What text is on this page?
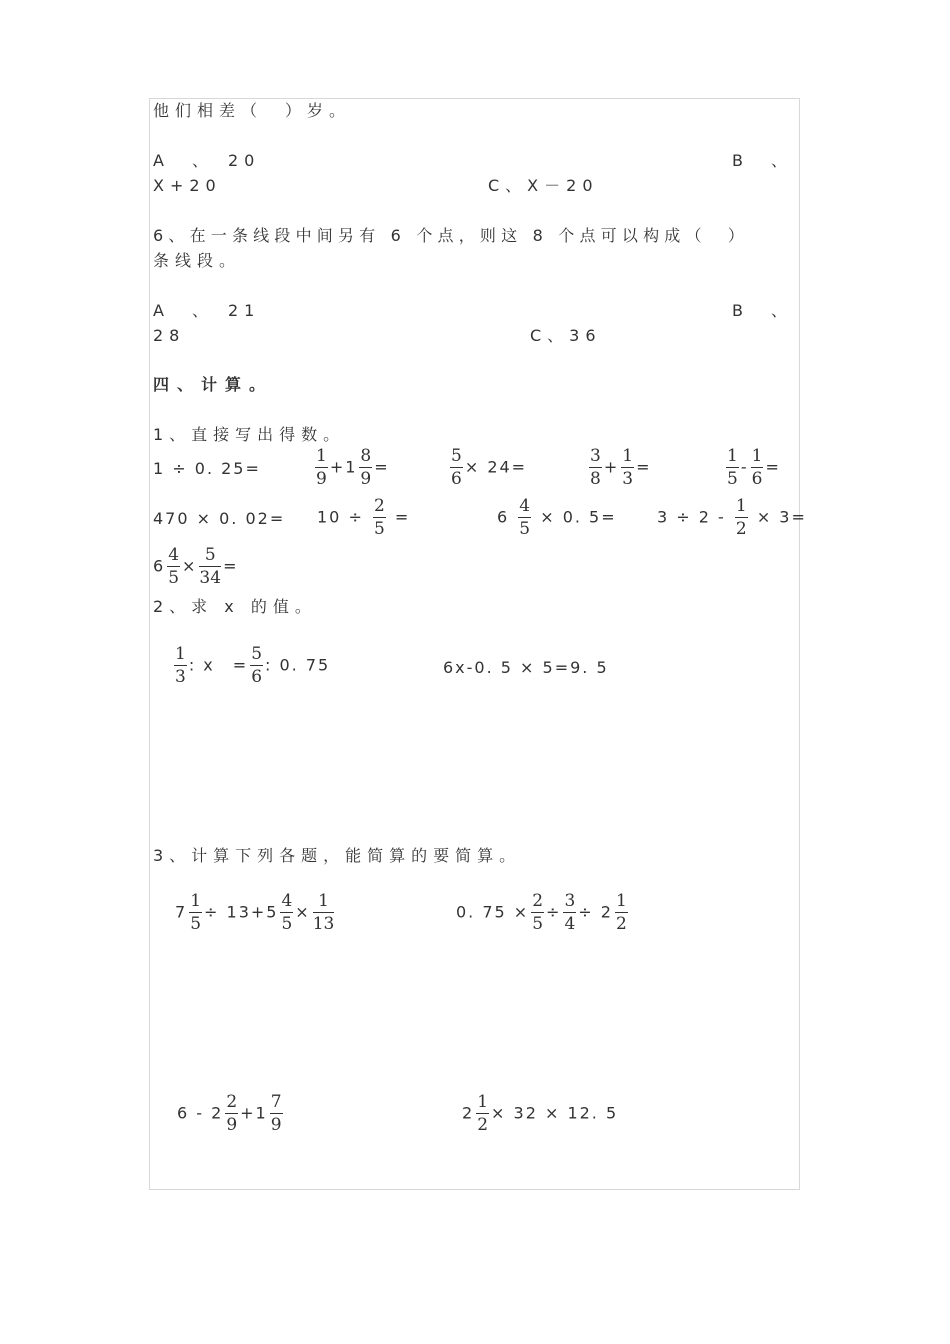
他们相差（　）岁。
A　、　20	B　、
X+20	C、X－20
6、在一条线段中间另有 6 个点，则这 8 个点可以构成（　）
条线段。
A　、　21	B　、
28	C、36
四、计算。
1、直接写出得数。
1 ÷ 0. 25=	$\frac{1}{9} +1 \frac{8}{9}$ =	$\frac{5}{6} \times 24=$	$\frac{3}{8} + \frac{1}{3}$ =	$\frac{1}{5} - \frac{1}{6}$ =
470 × 0. $02= 10 \div \frac{2}{5}$ =	$6 \frac{4}{5} \times 0$. 5=	$3 \div 2 - \frac{1}{2} \times 3=$
$6 \frac{4}{5} \times \frac{5}{34}$ =
2、求 x 的值。
$\frac{1}{3}$ : x　= $\frac{5}{6}$ : 0. 75	6x-0. 5 × 5=9. 5
3、计算下列各题，能简算的要简算。
$7 \frac{1}{5} \div 13+5 \frac{4}{5} \times \frac{1}{13}$	0. $75 \times \frac{2}{5} \div \frac{3}{4} \div 2 \frac{1}{2}$
$6 - 2 \frac{2}{9} +1 \frac{7}{9}$	$2 \frac{1}{2} \times 32 \times 12$. 5
